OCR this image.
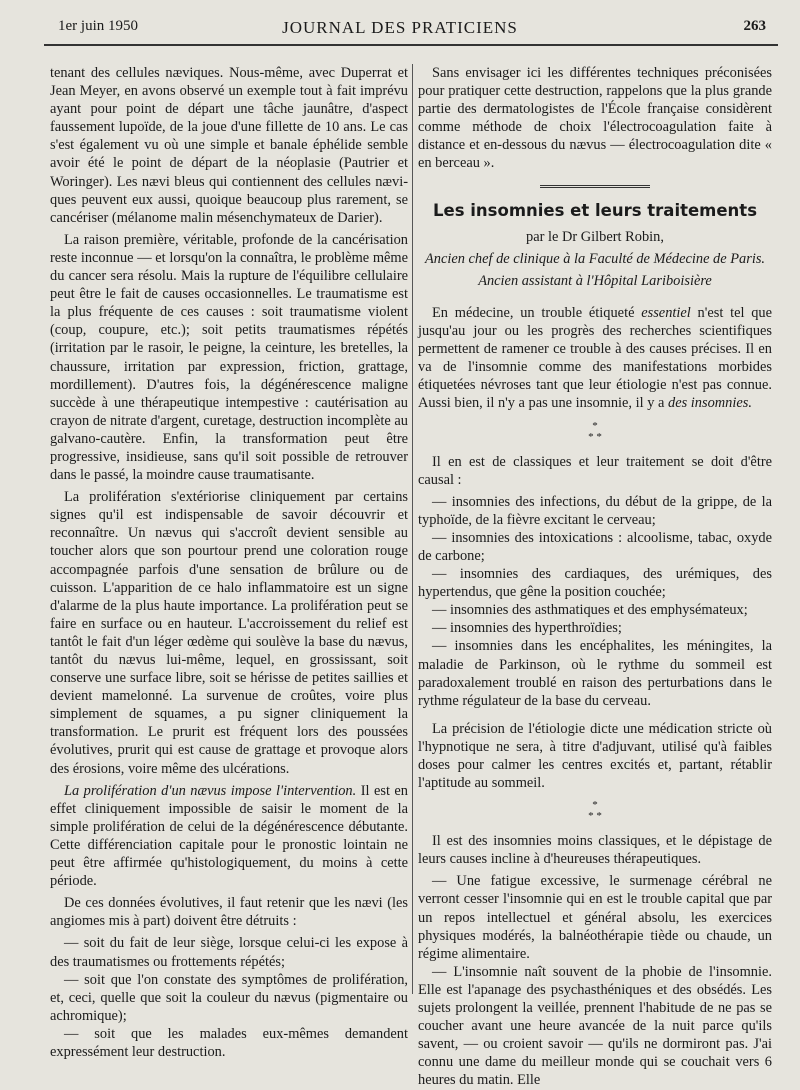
1er juin 1950	JOURNAL DES PRATICIENS	263

tenant des cellules næviques. Nous-même, avec Duperrat et Jean Meyer, en avons observé un exemple tout à fait imprévu ayant pour point de départ une tâche jaunâtre, d'aspect faussement lupoïde, de la joue d'une fillette de 10 ans. Le cas s'est également vu où une simple et banale éphélide semble avoir été le point de départ de la néoplasie (Pautrier et Woringer). Les nævi bleus qui contiennent des cellules næviques peuvent eux aussi, quoique beaucoup plus rarement, se cancériser (mélanome malin mésenchymateux de Darier).

La raison première, véritable, profonde de la cancérisation reste inconnue — et lorsqu'on la connaîtra, le problème même du cancer sera résolu. Mais la rupture de l'équilibre cellulaire peut être le fait de causes occasionnelles. Le traumatisme est la plus fréquente de ces causes : soit traumatisme violent (coup, coupure, etc.); soit petits traumatismes répétés (irritation par le rasoir, le peigne, la ceinture, les bretelles, la chaussure, irritation par expression, friction, grattage, mordillement). D'autres fois, la dégénérescence maligne succède à une thérapeutique intempestive : cautérisation au crayon de nitrate d'argent, curetage, destruction incomplète au galvano-cautère. Enfin, la transformation peut être progressive, insidieuse, sans qu'il soit possible de retrouver dans le passé, la moindre cause traumatisante.

La prolifération s'extériorise cliniquement par certains signes qu'il est indispensable de savoir découvrir et reconnaître. Un nævus qui s'accroît devient sensible au toucher alors que son pourtour prend une coloration rouge accompagnée parfois d'une sensation de brûlure ou de cuisson. L'apparition de ce halo inflammatoire est un signe d'alarme de la plus haute importance. La prolifération peut se faire en surface ou en hauteur. L'accroissement du relief est tantôt le fait d'un léger œdème qui soulève la base du nævus, tantôt du nævus lui-même, lequel, en grossissant, soit conserve une surface libre, soit se hérisse de petites saillies et devient mamelonné. La survenue de croûtes, voire plus simplement de squames, a pu signer cliniquement la transformation. Le prurit est fréquent lors des poussées évolutives, prurit qui est cause de grattage et provoque alors des érosions, voire même des ulcérations.

La prolifération d'un nævus impose l'intervention. Il est en effet cliniquement impossible de saisir le moment de la simple prolifération de celui de la dégénérescence débutante. Cette différenciation capitale pour le pronostic lointain ne peut être affirmée qu'histologiquement, du moins à cette période.

De ces données évolutives, il faut retenir que les nævi (les angiomes mis à part) doivent être détruits :

— soit du fait de leur siège, lorsque celui-ci les expose à des traumatismes ou frottements répétés;

— soit que l'on constate des symptômes de prolifération, et, ceci, quelle que soit la couleur du nævus (pigmentaire ou achromique);

— soit que les malades eux-mêmes demandent expressément leur destruction.

Sans envisager ici les différentes techniques préconisées pour pratiquer cette destruction, rappelons que la plus grande partie des dermatologistes de l'École française considèrent comme méthode de choix l'électrocoagulation faite à distance et en-dessous du nævus — électrocoagulation dite « en berceau ».

Les insomnies et leurs traitements

par le Dr Gilbert Robin,

Ancien chef de clinique à la Faculté de Médecine de Paris.

Ancien assistant à l'Hôpital Lariboisière

En médecine, un trouble étiqueté essentiel n'est tel que jusqu'au jour ou les progrès des recherches scientifiques permettent de ramener ce trouble à des causes précises. Il en va de l'insomnie comme des manifestations morbides étiquetées névroses tant que leur étiologie n'est pas connue. Aussi bien, il n'y a pas une insomnie, il y a des insomnies.

*
* *

Il en est de classiques et leur traitement se doit d'être causal :

— insomnies des infections, du début de la grippe, de la typhoïde, de la fièvre excitant le cerveau;

— insomnies des intoxications : alcoolisme, tabac, oxyde de carbone;

— insomnies des cardiaques, des urémiques, des hypertendus, que gêne la position couchée;

— insomnies des asthmatiques et des emphysémateux;

— insomnies des hyperthroïdies;

— insomnies dans les encéphalites, les méningites, la maladie de Parkinson, où le rythme du sommeil est paradoxalement troublé en raison des perturbations dans le rythme régulateur de la base du cerveau.

La précision de l'étiologie dicte une médication stricte où l'hypnotique ne sera, à titre d'adjuvant, utilisé qu'à faibles doses pour calmer les centres excités et, partant, rétablir l'aptitude au sommeil.

*
* *

Il est des insomnies moins classiques, et le dépistage de leurs causes incline à d'heureuses thérapeutiques.

— Une fatigue excessive, le surmenage cérébral ne verront cesser l'insomnie qui en est le trouble capital que par un repos intellectuel et général absolu, les exercices physiques modérés, la balnéothérapie tiède ou chaude, un régime alimentaire.

— L'insomnie naît souvent de la phobie de l'insomnie. Elle est l'apanage des psychasthéniques et des obsédés. Les sujets prolongent la veillée, prennent l'habitude de ne pas se coucher avant une heure avancée de la nuit parce qu'ils savent, — ou croient savoir — qu'ils ne dormiront pas. J'ai connu une dame du meilleur monde qui se couchait vers 6 heures du matin. Elle
